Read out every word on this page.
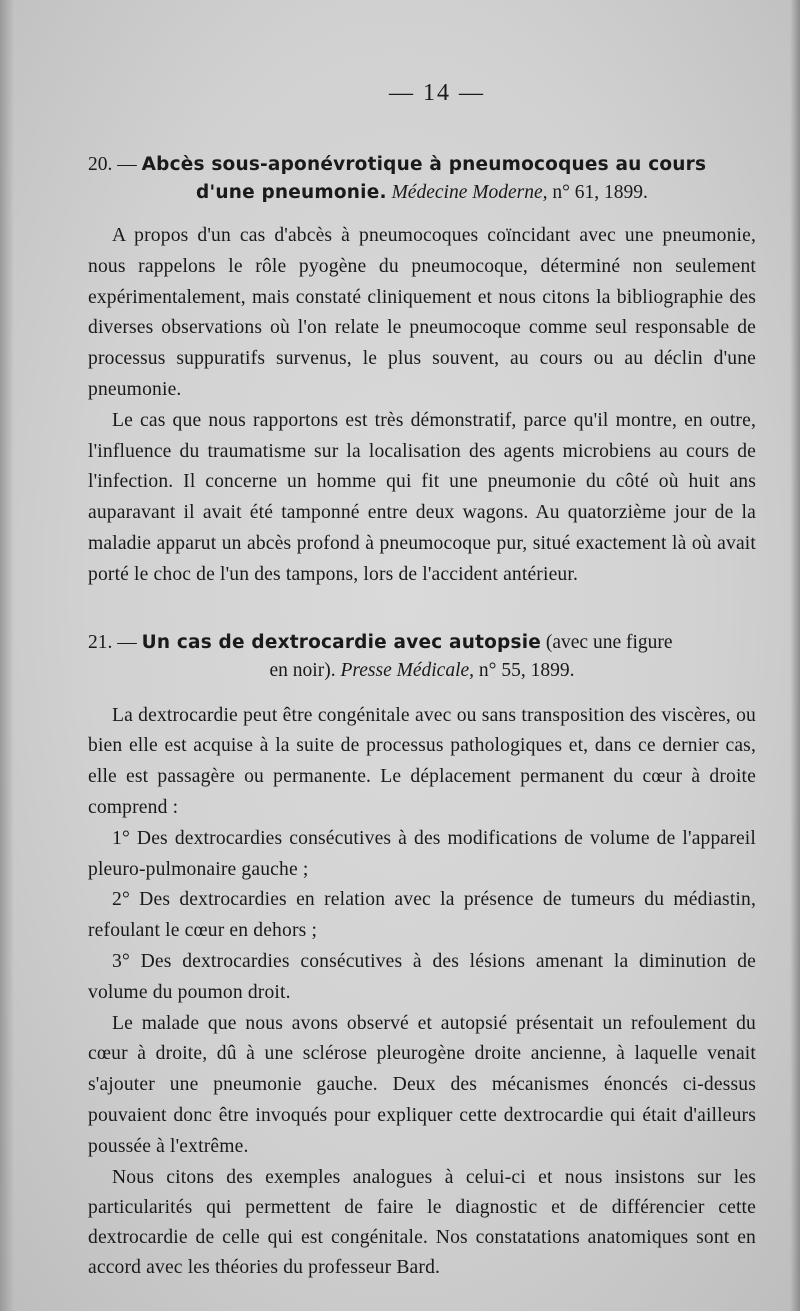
— 14 —

20. — Abcès sous-aponévrotique à pneumocoques au cours
d'une pneumonie. Médecine Moderne, n° 61, 1899.

A propos d'un cas d'abcès à pneumocoques coïncidant avec une pneumonie, nous rappelons le rôle pyogène du pneumocoque, déterminé non seulement expérimentalement, mais constaté cliniquement et nous citons la bibliographie des diverses observations où l'on relate le pneumocoque comme seul responsable de processus suppuratifs survenus, le plus souvent, au cours ou au déclin d'une pneumonie.

Le cas que nous rapportons est très démonstratif, parce qu'il montre, en outre, l'influence du traumatisme sur la localisation des agents microbiens au cours de l'infection. Il concerne un homme qui fit une pneumonie du côté où huit ans auparavant il avait été tamponné entre deux wagons. Au quatorzième jour de la maladie apparut un abcès profond à pneumocoque pur, situé exactement là où avait porté le choc de l'un des tampons, lors de l'accident antérieur.

21. — Un cas de dextrocardie avec autopsie (avec une figure
en noir). Presse Médicale, n° 55, 1899.

La dextrocardie peut être congénitale avec ou sans transposition des viscères, ou bien elle est acquise à la suite de processus pathologiques et, dans ce dernier cas, elle est passagère ou permanente. Le déplacement permanent du cœur à droite comprend :

1° Des dextrocardies consécutives à des modifications de volume de l'appareil pleuro-pulmonaire gauche ;

2° Des dextrocardies en relation avec la présence de tumeurs du médiastin, refoulant le cœur en dehors ;

3° Des dextrocardies consécutives à des lésions amenant la diminution de volume du poumon droit.

Le malade que nous avons observé et autopsié présentait un refoulement du cœur à droite, dû à une sclérose pleurogène droite ancienne, à laquelle venait s'ajouter une pneumonie gauche. Deux des mécanismes énoncés ci-dessus pouvaient donc être invoqués pour expliquer cette dextrocardie qui était d'ailleurs poussée à l'extrême.

Nous citons des exemples analogues à celui-ci et nous insistons sur les particularités qui permettent de faire le diagnostic et de différencier cette dextrocardie de celle qui est congénitale. Nos constatations anatomiques sont en accord avec les théories du professeur Bard.
